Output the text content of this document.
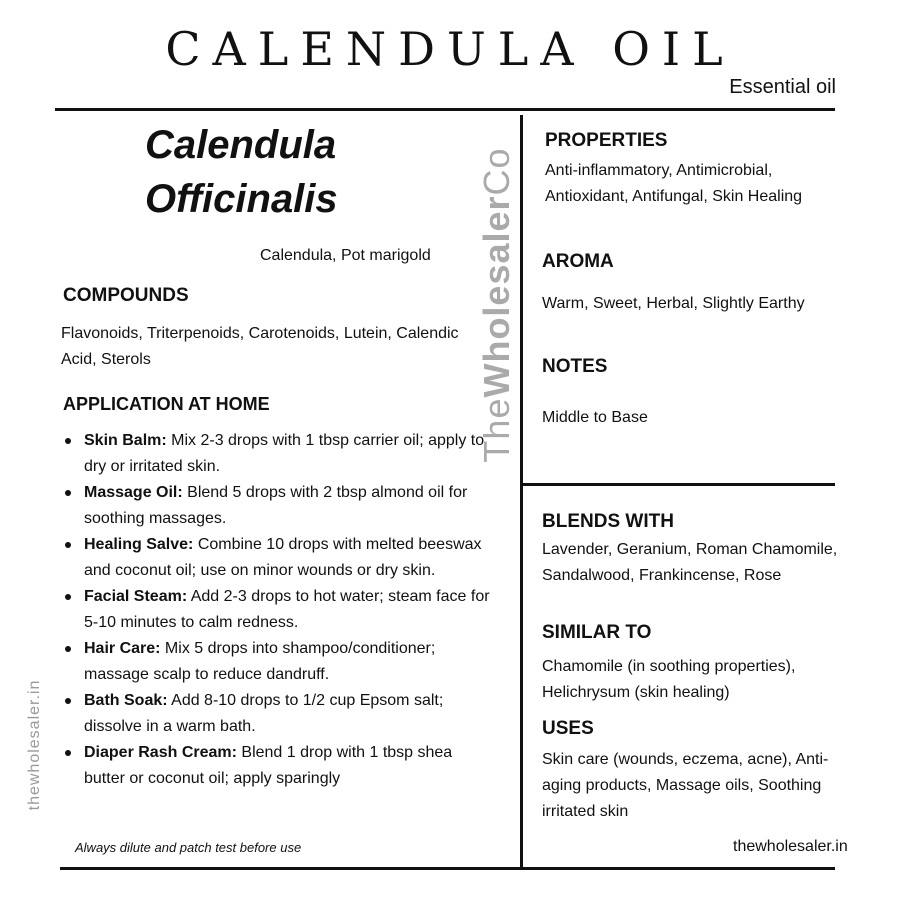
CALENDULA OIL
Essential oil
TheWholesalerCo
thewholesaler.in
Calendula
Officinalis
Calendula, Pot marigold
COMPOUNDS
Flavonoids, Triterpenoids, Carotenoids, Lutein, Calendic Acid, Sterols
APPLICATION AT HOME
Skin Balm: Mix 2-3 drops with 1 tbsp carrier oil; apply to dry or irritated skin.
Massage Oil: Blend 5 drops with 2 tbsp almond oil for soothing massages.
Healing Salve: Combine 10 drops with melted beeswax and coconut oil; use on minor wounds or dry skin.
Facial Steam: Add 2-3 drops to hot water; steam face for 5-10 minutes to calm redness.
Hair Care: Mix 5 drops into shampoo/conditioner; massage scalp to reduce dandruff.
Bath Soak: Add 8-10 drops to 1/2 cup Epsom salt; dissolve in a warm bath.
Diaper Rash Cream: Blend 1 drop with 1 tbsp shea butter or coconut oil; apply sparingly
Always dilute and patch test before use
PROPERTIES
Anti-inflammatory, Antimicrobial, Antioxidant, Antifungal, Skin Healing
AROMA
Warm, Sweet, Herbal, Slightly Earthy
NOTES
Middle to Base
BLENDS WITH
Lavender, Geranium, Roman Chamomile, Sandalwood, Frankincense, Rose
SIMILAR TO
Chamomile (in soothing properties), Helichrysum (skin healing)
USES
Skin care (wounds, eczema, acne), Anti-aging products, Massage oils, Soothing irritated skin
thewholesaler.in
